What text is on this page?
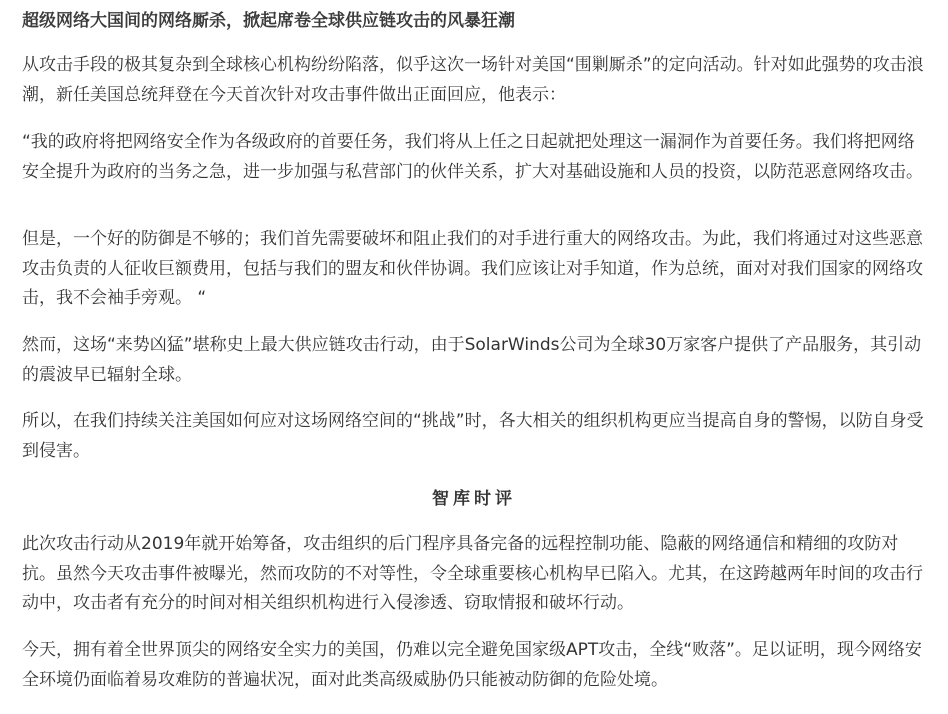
超级网络大国间的网络厮杀，掀起席卷全球供应链攻击的风暴狂潮

从攻击手段的极其复杂到全球核心机构纷纷陷落，似乎这次一场针对美国“围剿厮杀”的定向活动。针对如此强势的攻击浪潮，新任美国总统拜登在今天首次针对攻击事件做出正面回应，他表示：

“我的政府将把网络安全作为各级政府的首要任务，我们将从上任之日起就把处理这一漏洞作为首要任务。我们将把网络安全提升为政府的当务之急，进一步加强与私营部门的伙伴关系，扩大对基础设施和人员的投资，以防范恶意网络攻击。

但是，一个好的防御是不够的；我们首先需要破坏和阻止我们的对手进行重大的网络攻击。为此，我们将通过对这些恶意攻击负责的人征收巨额费用，包括与我们的盟友和伙伴协调。我们应该让对手知道，作为总统，面对对我们国家的网络攻击，我不会袖手旁观。 “

然而，这场“来势凶猛”堪称史上最大供应链攻击行动，由于SolarWinds公司为全球30万家客户提供了产品服务，其引动的震波早已辐射全球。

所以，在我们持续关注美国如何应对这场网络空间的“挑战”时，各大相关的组织机构更应当提高自身的警惕，以防自身受到侵害。

智库时评

此次攻击行动从2019年就开始筹备，攻击组织的后门程序具备完备的远程控制功能、隐蔽的网络通信和精细的攻防对抗。虽然今天攻击事件被曝光，然而攻防的不对等性，令全球重要核心机构早已陷入。尤其，在这跨越两年时间的攻击行动中，攻击者有充分的时间对相关组织机构进行入侵渗透、窃取情报和破坏行动。

今天，拥有着全世界顶尖的网络安全实力的美国，仍难以完全避免国家级APT攻击，全线“败落”。足以证明，现今网络安全环境仍面临着易攻难防的普遍状况，面对此类高级威胁仍只能被动防御的危险处境。
